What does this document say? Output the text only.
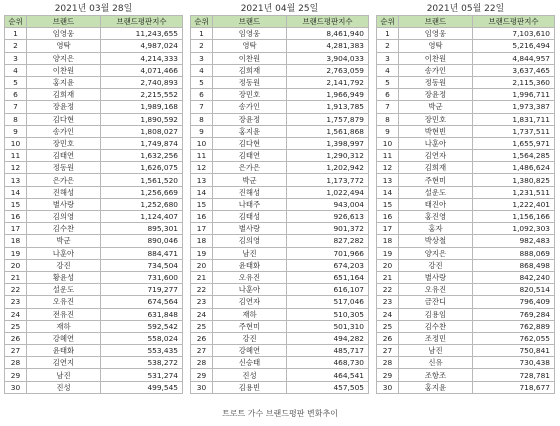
2021년 03월 28일
순위	브랜드	브랜드평판지수
1	임영웅	11,243,655
2	영탁	4,987,024
3	양지은	4,214,333
4	이찬원	4,071,466
5	홍지윤	2,740,893
6	김희재	2,215,552
7	장윤정	1,989,168
8	김다현	1,890,592
9	송가인	1,808,027
10	장민호	1,749,874
11	김태연	1,632,256
12	정동원	1,626,075
13	은가은	1,561,520
14	진해성	1,256,669
15	별사랑	1,252,680
16	김의영	1,124,407
17	김수찬	895,301
18	박군	890,046
19	나훈아	884,471
20	강진	734,504
21	황윤성	731,600
22	설운도	719,277
23	오유진	674,564
24	전유진	631,848
25	재하	592,542
26	강혜연	558,024
27	윤태화	553,435
28	김연지	538,272
29	남진	531,274
30	진성	499,545
2021년 04월 25일
순위	브랜드	브랜드평판지수
1	임영웅	8,461,940
2	영탁	4,281,383
3	이찬원	3,904,033
4	김희재	2,763,059
5	정동원	2,141,792
6	장민호	1,966,949
7	송가인	1,913,785
8	장윤정	1,757,879
9	홍지윤	1,561,868
10	김다현	1,398,997
11	김태연	1,290,312
12	은가은	1,202,942
13	박군	1,173,772
14	진해성	1,022,494
15	나태주	943,004
16	김태성	926,613
17	별사랑	901,372
18	김의영	827,282
19	남진	701,966
20	윤태화	674,203
21	오유진	651,164
22	나훈아	616,107
23	김연자	517,046
24	재하	510,305
25	주현미	501,310
26	강진	494,282
27	강혜연	485,717
28	신승태	468,730
29	진성	464,541
30	김용빈	457,505
2021년 05월 22일
순위	브랜드	브랜드평판지수
1	임영웅	7,103,610
2	영탁	5,216,494
3	이찬원	4,844,957
4	송가인	3,637,465
5	정동원	2,115,360
6	장윤정	1,996,711
7	박군	1,973,387
8	장민호	1,831,711
9	박현빈	1,737,511
10	나훈아	1,655,971
11	김연자	1,564,285
12	김희재	1,486,624
13	주현미	1,380,825
14	설운도	1,231,511
15	태진아	1,222,401
16	홍진영	1,156,166
17	홍자	1,092,303
18	박상철	982,483
19	양지은	888,069
20	강진	868,498
21	별사랑	842,240
22	오유진	820,514
23	금잔디	796,409
24	김용임	769,284
25	김수찬	762,889
26	조정민	762,055
27	남진	750,841
28	신유	730,438
29	조항조	728,781
30	홍지윤	718,677
트로트 가수 브랜드평판 변화추이
